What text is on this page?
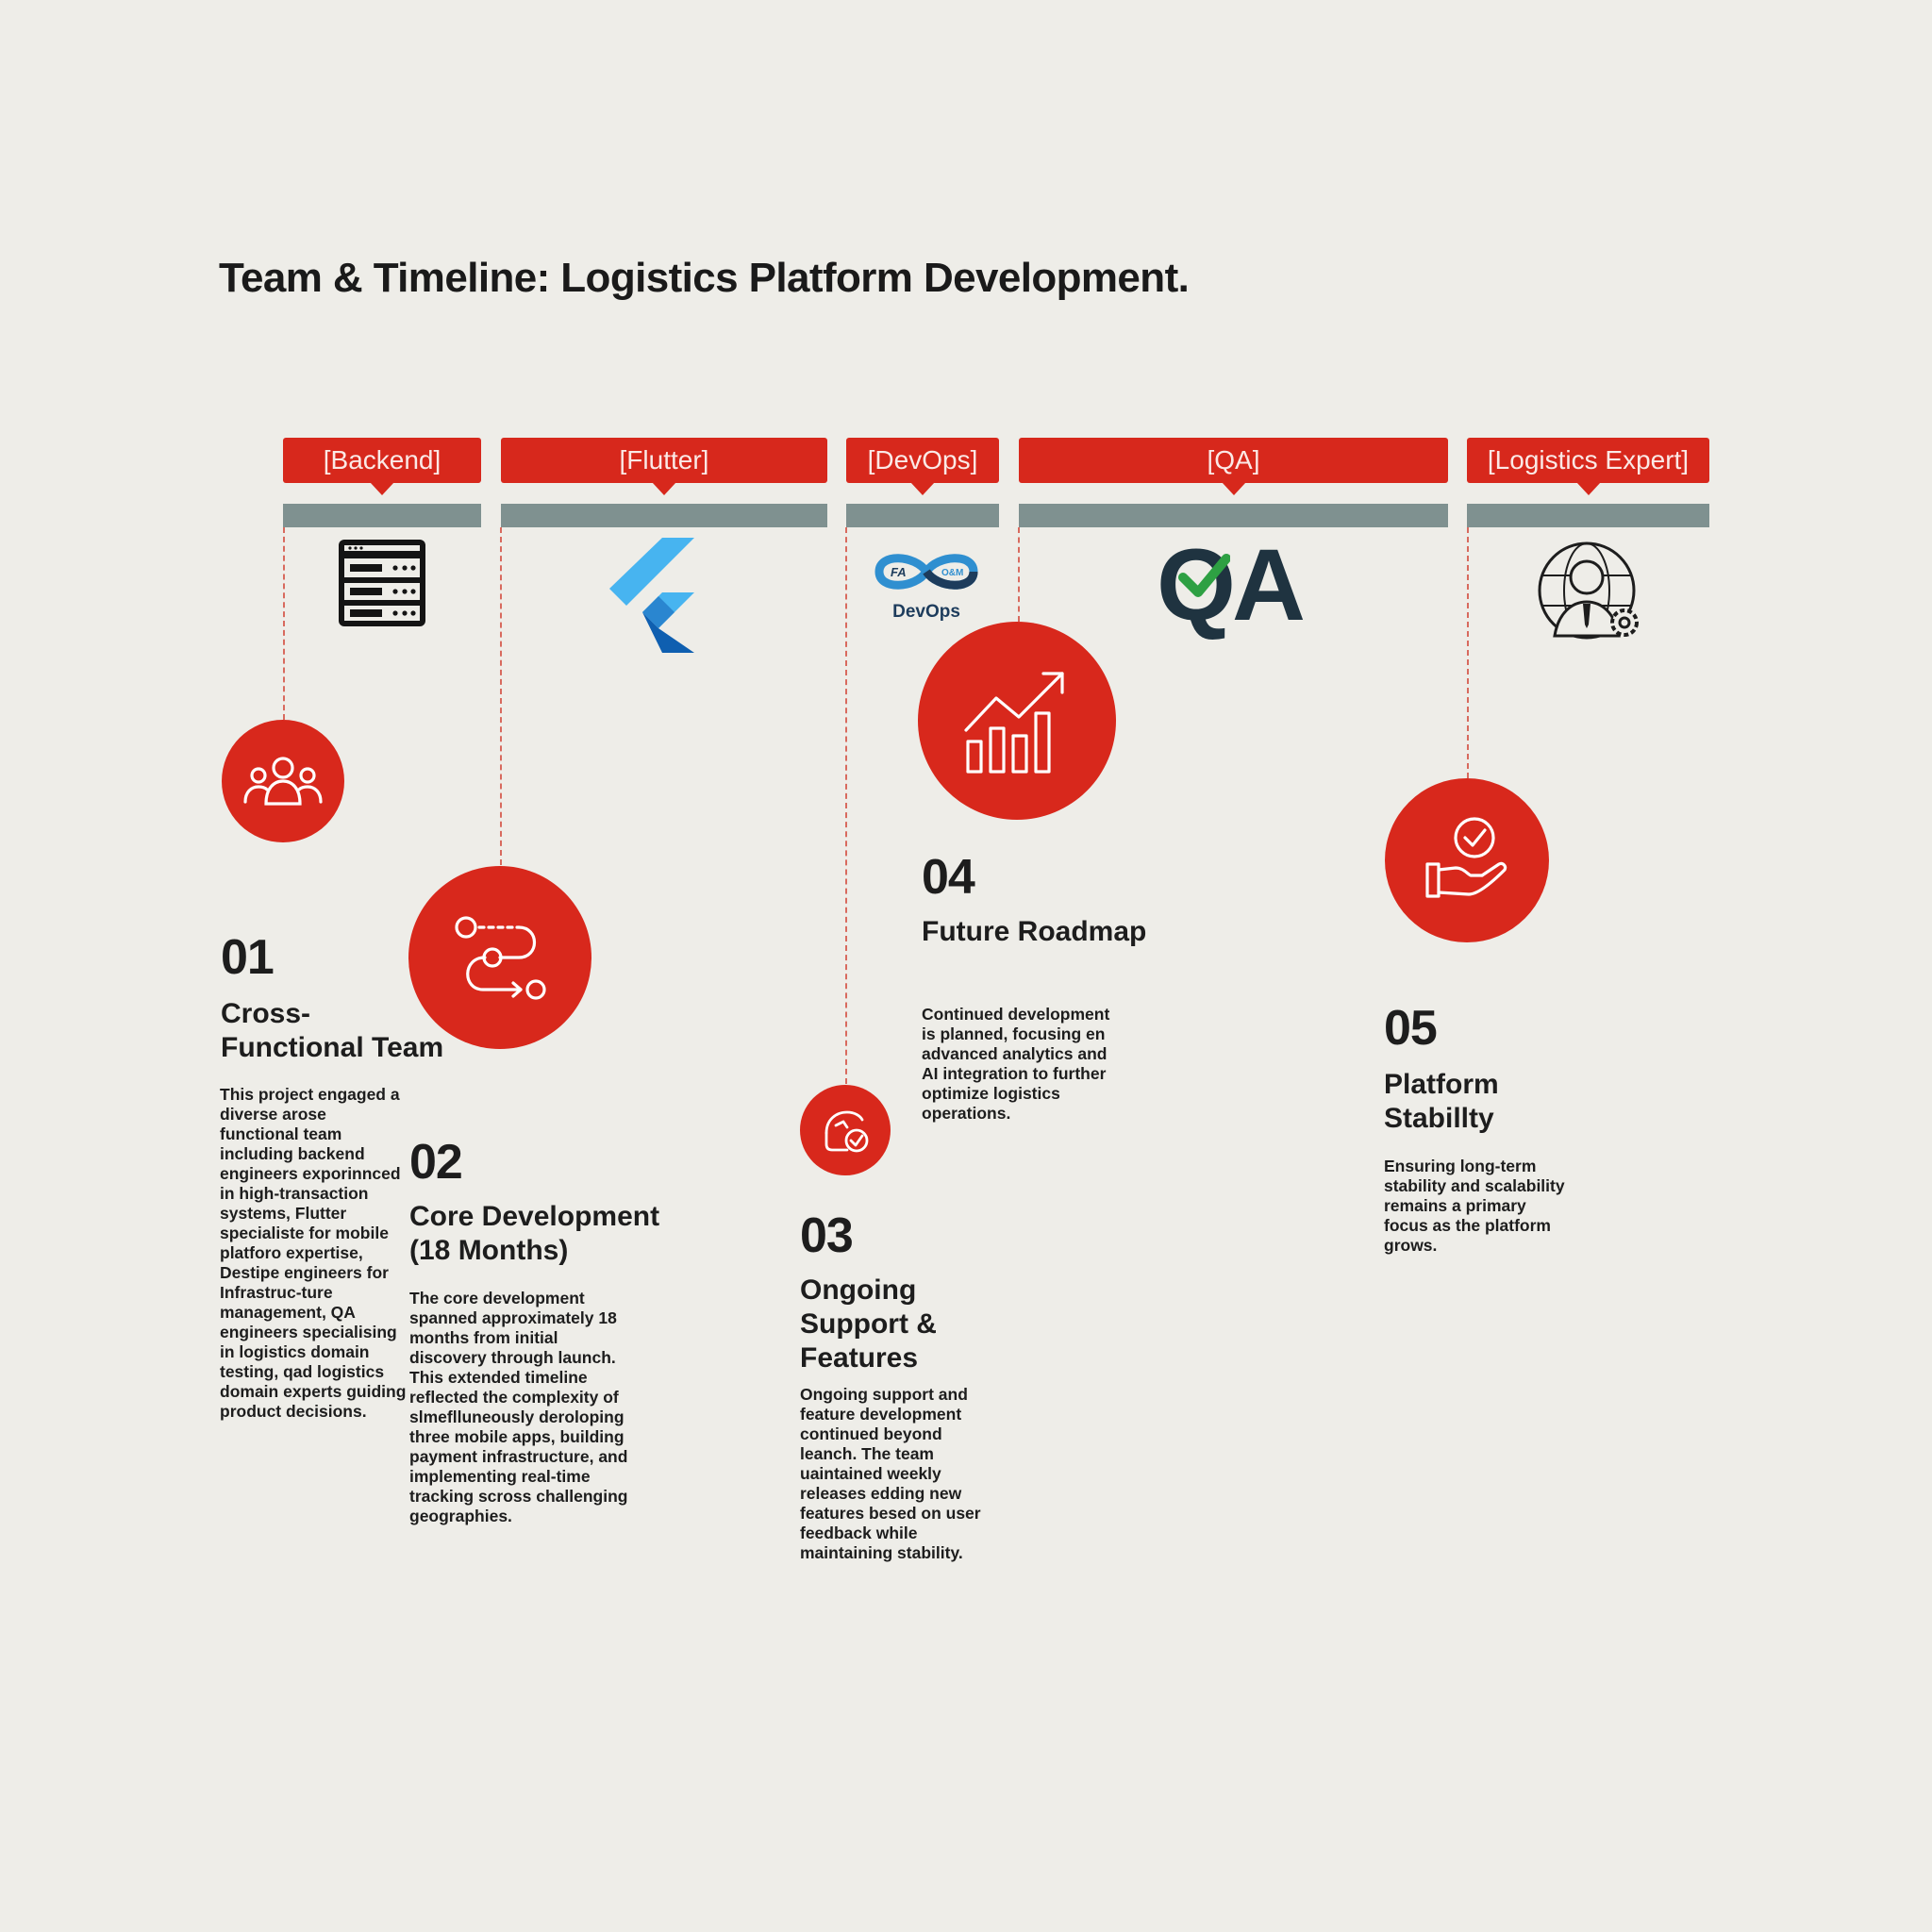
Team & Timeline: Logistics Platform Development.
[Backend]	[Flutter]	[DevOps]	[QA]	[Logistics Expert]
FA	O&M
DevOps QA
01
Cross-
Functional Team
This project engaged a diverse arose functional team including backend engineers exporinnced in high-transaction systems, Flutter specialiste for mobile platforo expertise, Destipe engineers for Infrastruc-ture management, QA engineers specialising in logistics domain testing, qad logistics domain experts guiding product decisions.
02
Core Development
(18 Months)
The core development spanned approximately 18 months from initial discovery through launch. This extended timeline reflected the complexity of slmeflluneously deroloping three mobile apps, building payment infrastructure, and implementing real-time tracking scross challenging geographies.
03
Ongoing
Support &
Features
Ongoing support and feature development continued beyond leanch. The team uaintained weekly releases edding new features besed on user feedback while maintaining stability.
04
Future Roadmap
Continued development is planned, focusing en advanced analytics and AI integration to further optimize logistics operations.
05
Platform
Stabillty
Ensuring long-term stability and scalability remains a primary focus as the platform grows.
